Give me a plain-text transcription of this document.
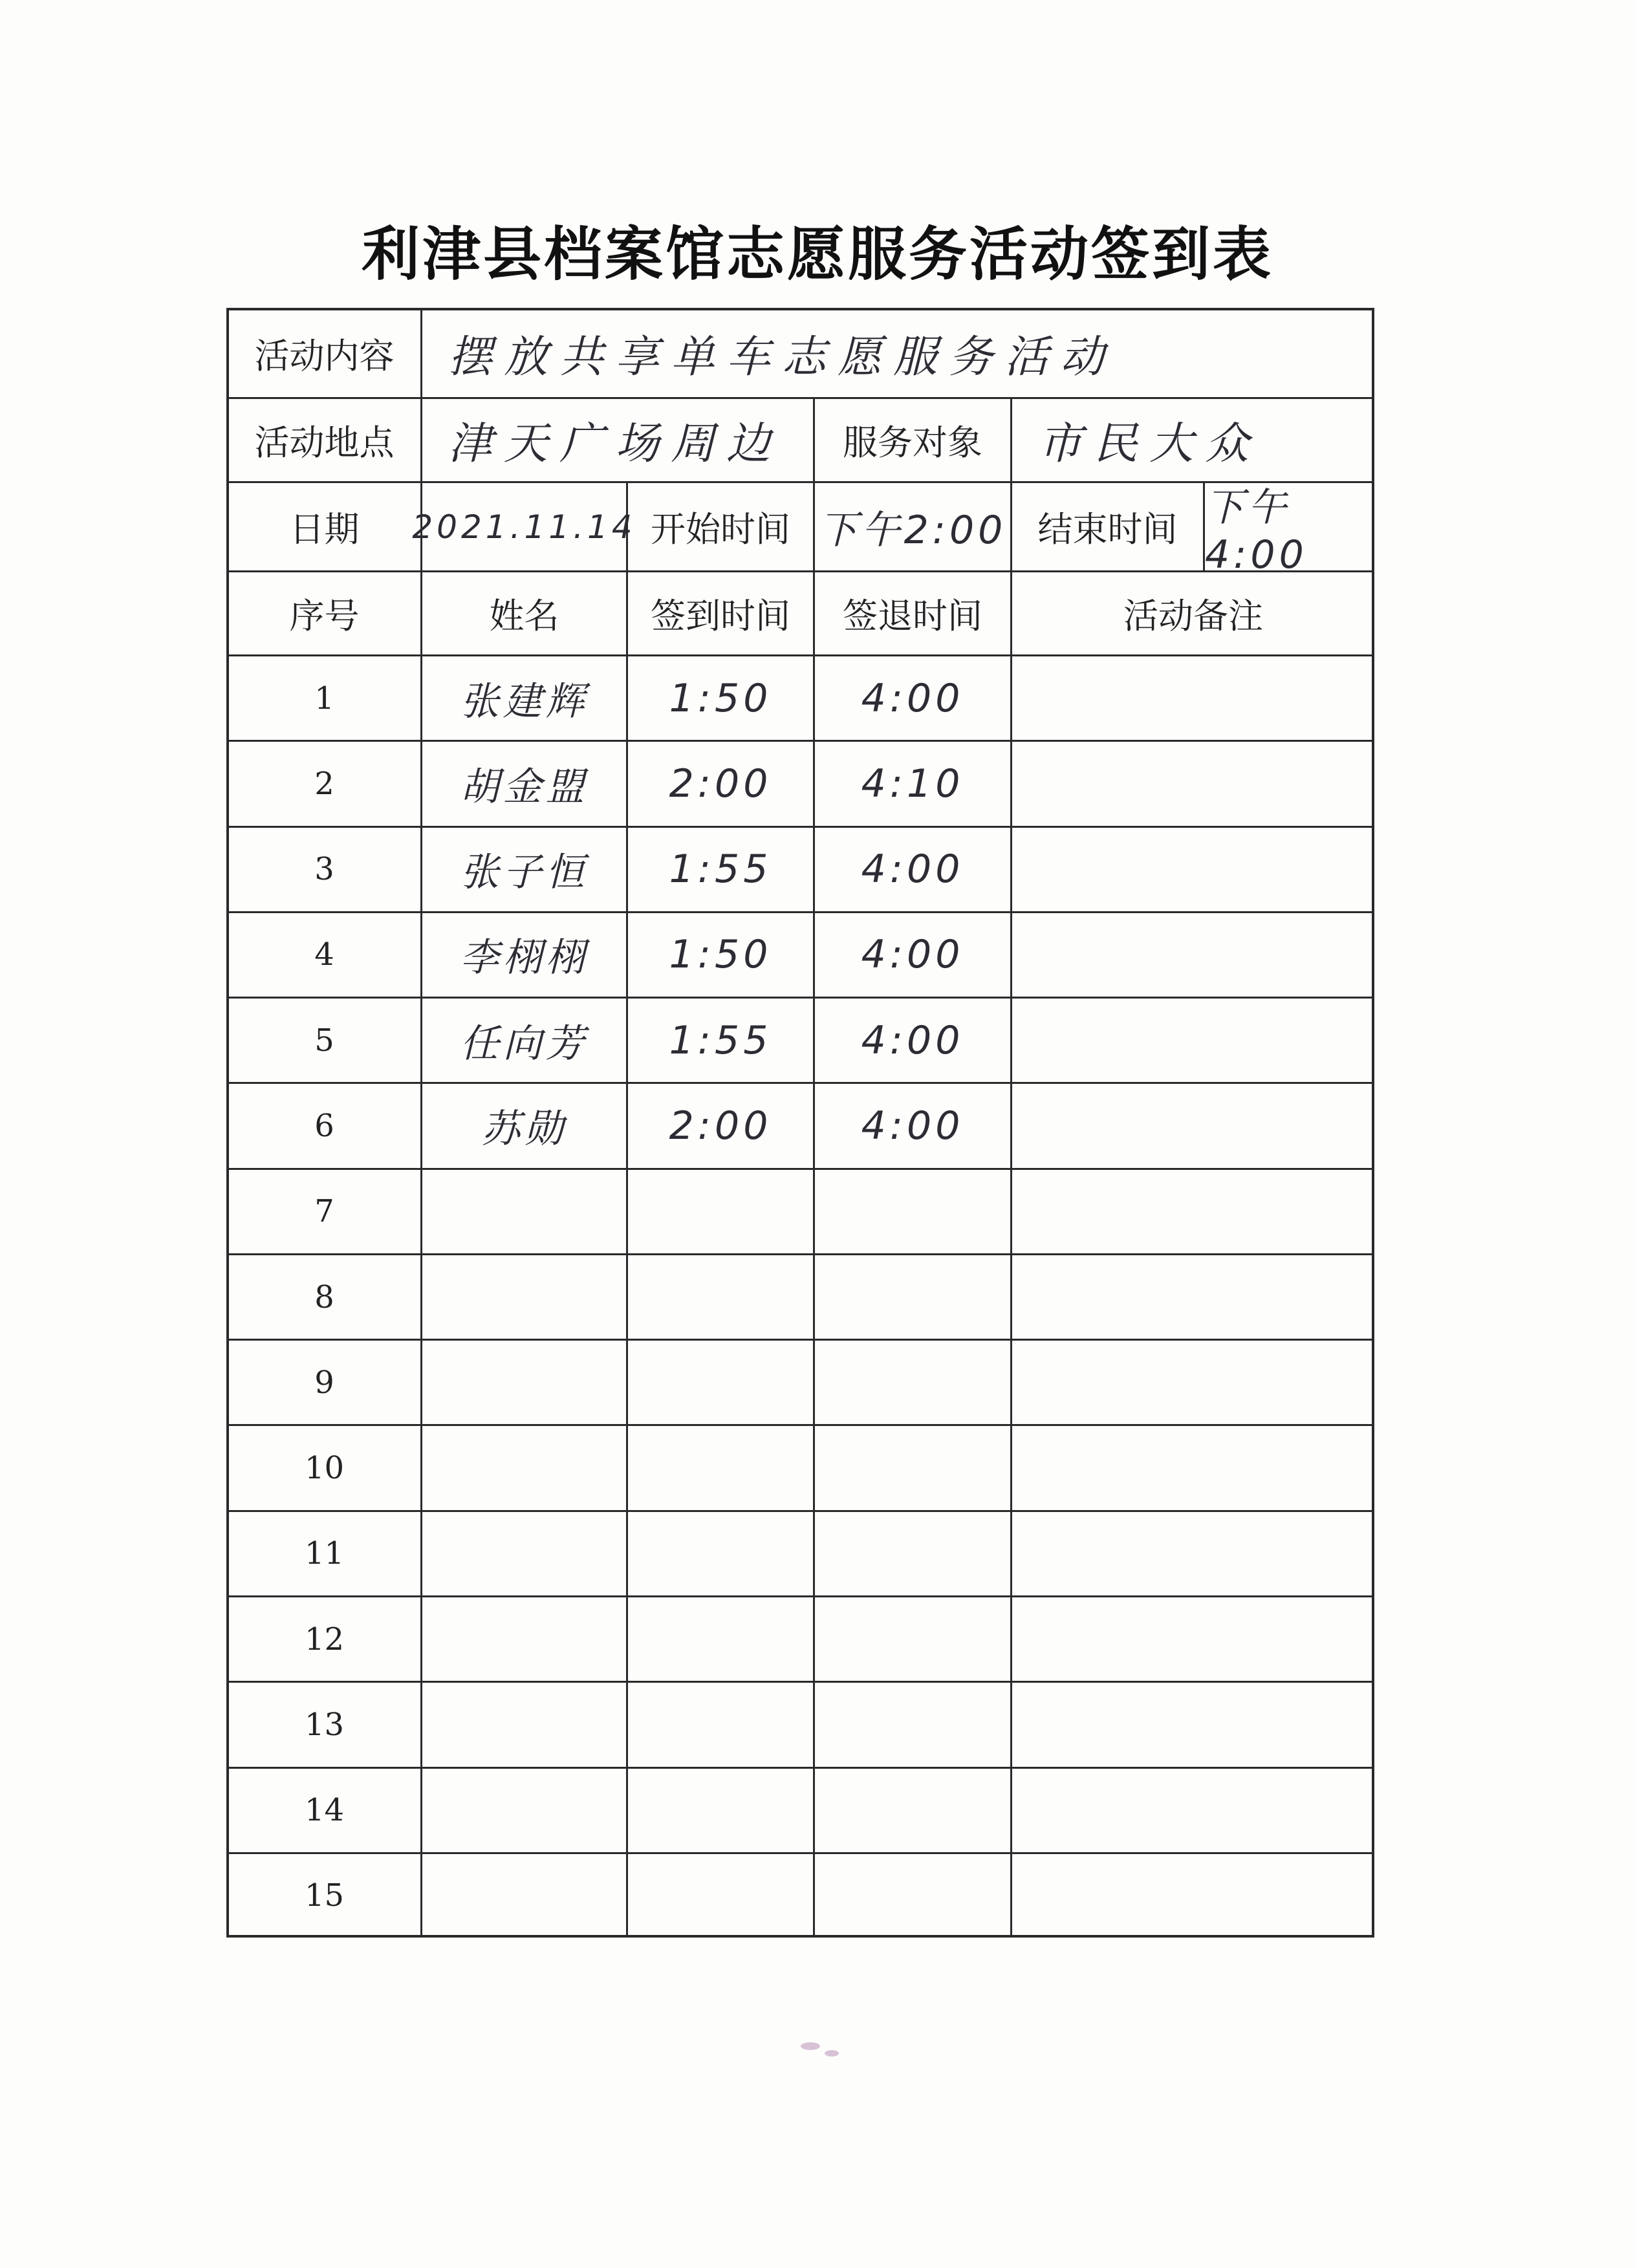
利津县档案馆志愿服务活动签到表
活动内容	摆放共享单车志愿服务活动
活动地点	津天广场周边	服务对象	市民大众
日期	2021.11.14 开始时间 下午2:00 结束时间 下午4:00
序号	姓名	签到时间	签退时间	活动备注
1	张建辉	1:50	4:00
2	胡金盟	2:00	4:10
3	张子恒	1:55	4:00
4	李栩栩	1:50	4:00
5	任向芳	1:55	4:00
6	苏勋	2:00	4:00
7
8
9
10
11
12
13
14
15
